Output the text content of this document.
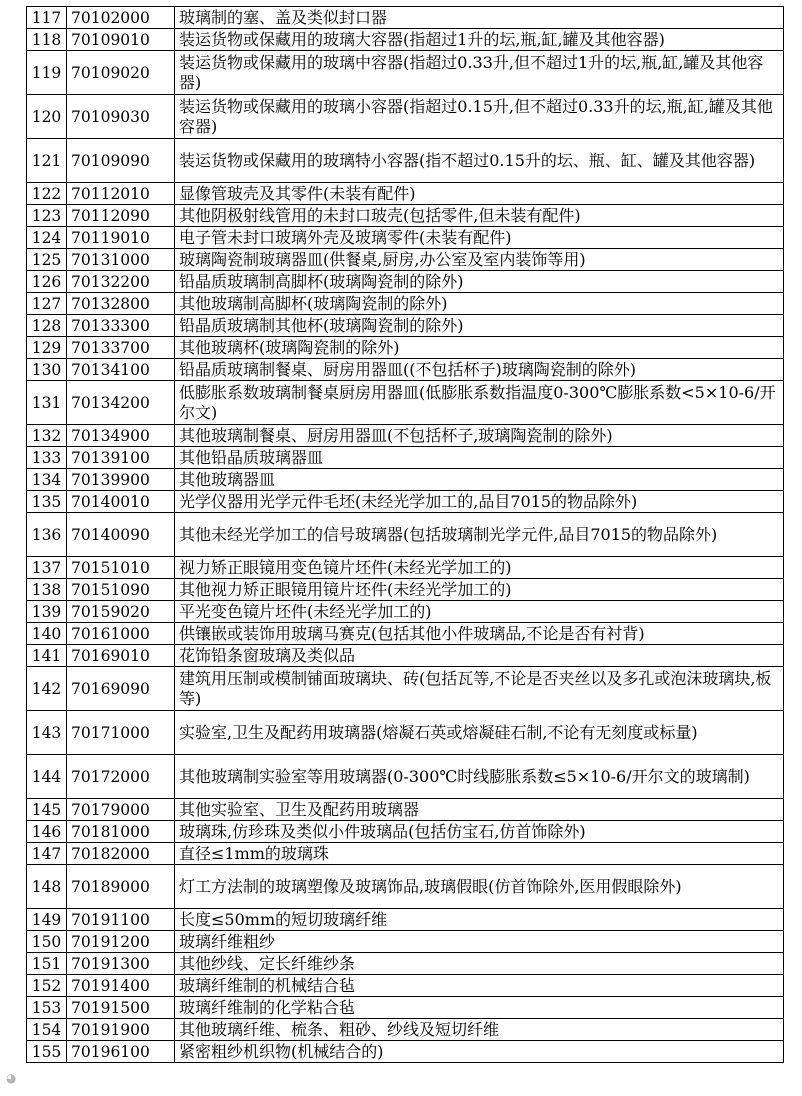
117	70102000	玻璃制的塞、盖及类似封口器
118	70109010	装运货物或保藏用的玻璃大容器(指超过1升的坛,瓶,缸,罐及其他容器)
119	70109020	装运货物或保藏用的玻璃中容器(指超过0.33升,但不超过1升的坛,瓶,缸,罐及其他容器)
120	70109030	装运货物或保藏用的玻璃小容器(指超过0.15升,但不超过0.33升的坛,瓶,缸,罐及其他容器)
121	70109090	装运货物或保藏用的玻璃特小容器(指不超过0.15升的坛、瓶、缸、罐及其他容器)
122	70112010	显像管玻壳及其零件(未装有配件)
123	70112090	其他阴极射线管用的未封口玻壳(包括零件,但未装有配件)
124	70119010	电子管未封口玻璃外壳及玻璃零件(未装有配件)
125	70131000	玻璃陶瓷制玻璃器皿(供餐桌,厨房,办公室及室内装饰等用)
126	70132200	铅晶质玻璃制高脚杯(玻璃陶瓷制的除外)
127	70132800	其他玻璃制高脚杯(玻璃陶瓷制的除外)
128	70133300	铅晶质玻璃制其他杯(玻璃陶瓷制的除外)
129	70133700	其他玻璃杯(玻璃陶瓷制的除外)
130	70134100	铅晶质玻璃制餐桌、厨房用器皿((不包括杯子)玻璃陶瓷制的除外)
131	70134200	低膨胀系数玻璃制餐桌厨房用器皿(低膨胀系数指温度0-300℃膨胀系数<5×10-6/开尔文)
132	70134900	其他玻璃制餐桌、厨房用器皿(不包括杯子,玻璃陶瓷制的除外)
133	70139100	其他铅晶质玻璃器皿
134	70139900	其他玻璃器皿
135	70140010	光学仪器用光学元件毛坯(未经光学加工的,品目7015的物品除外)
136	70140090	其他未经光学加工的信号玻璃器(包括玻璃制光学元件,品目7015的物品除外)
137	70151010	视力矫正眼镜用变色镜片坯件(未经光学加工的)
138	70151090	其他视力矫正眼镜用镜片坯件(未经光学加工的)
139	70159020	平光变色镜片坯件(未经光学加工的)
140	70161000	供镶嵌或装饰用玻璃马赛克(包括其他小件玻璃品,不论是否有衬背)
141	70169010	花饰铅条窗玻璃及类似品
142	70169090	建筑用压制或模制铺面玻璃块、砖(包括瓦等,不论是否夹丝以及多孔或泡沫玻璃块,板等)
143	70171000	实验室,卫生及配药用玻璃器(熔凝石英或熔凝硅石制,不论有无刻度或标量)
144	70172000	其他玻璃制实验室等用玻璃器(0-300℃时线膨胀系数≤5×10-6/开尔文的玻璃制)
145	70179000	其他实验室、卫生及配药用玻璃器
146	70181000	玻璃珠,仿珍珠及类似小件玻璃品(包括仿宝石,仿首饰除外)
147	70182000	直径≤1mm的玻璃珠
148	70189000	灯工方法制的玻璃塑像及玻璃饰品,玻璃假眼(仿首饰除外,医用假眼除外)
149	70191100	长度≤50mm的短切玻璃纤维
150	70191200	玻璃纤维粗纱
151	70191300	其他纱线、定长纤维纱条
152	70191400	玻璃纤维制的机械结合毡
153	70191500	玻璃纤维制的化学粘合毡
154	70191900	其他玻璃纤维、梳条、粗砂、纱线及短切纤维
155	70196100	紧密粗纱机织物(机械结合的)
◕
